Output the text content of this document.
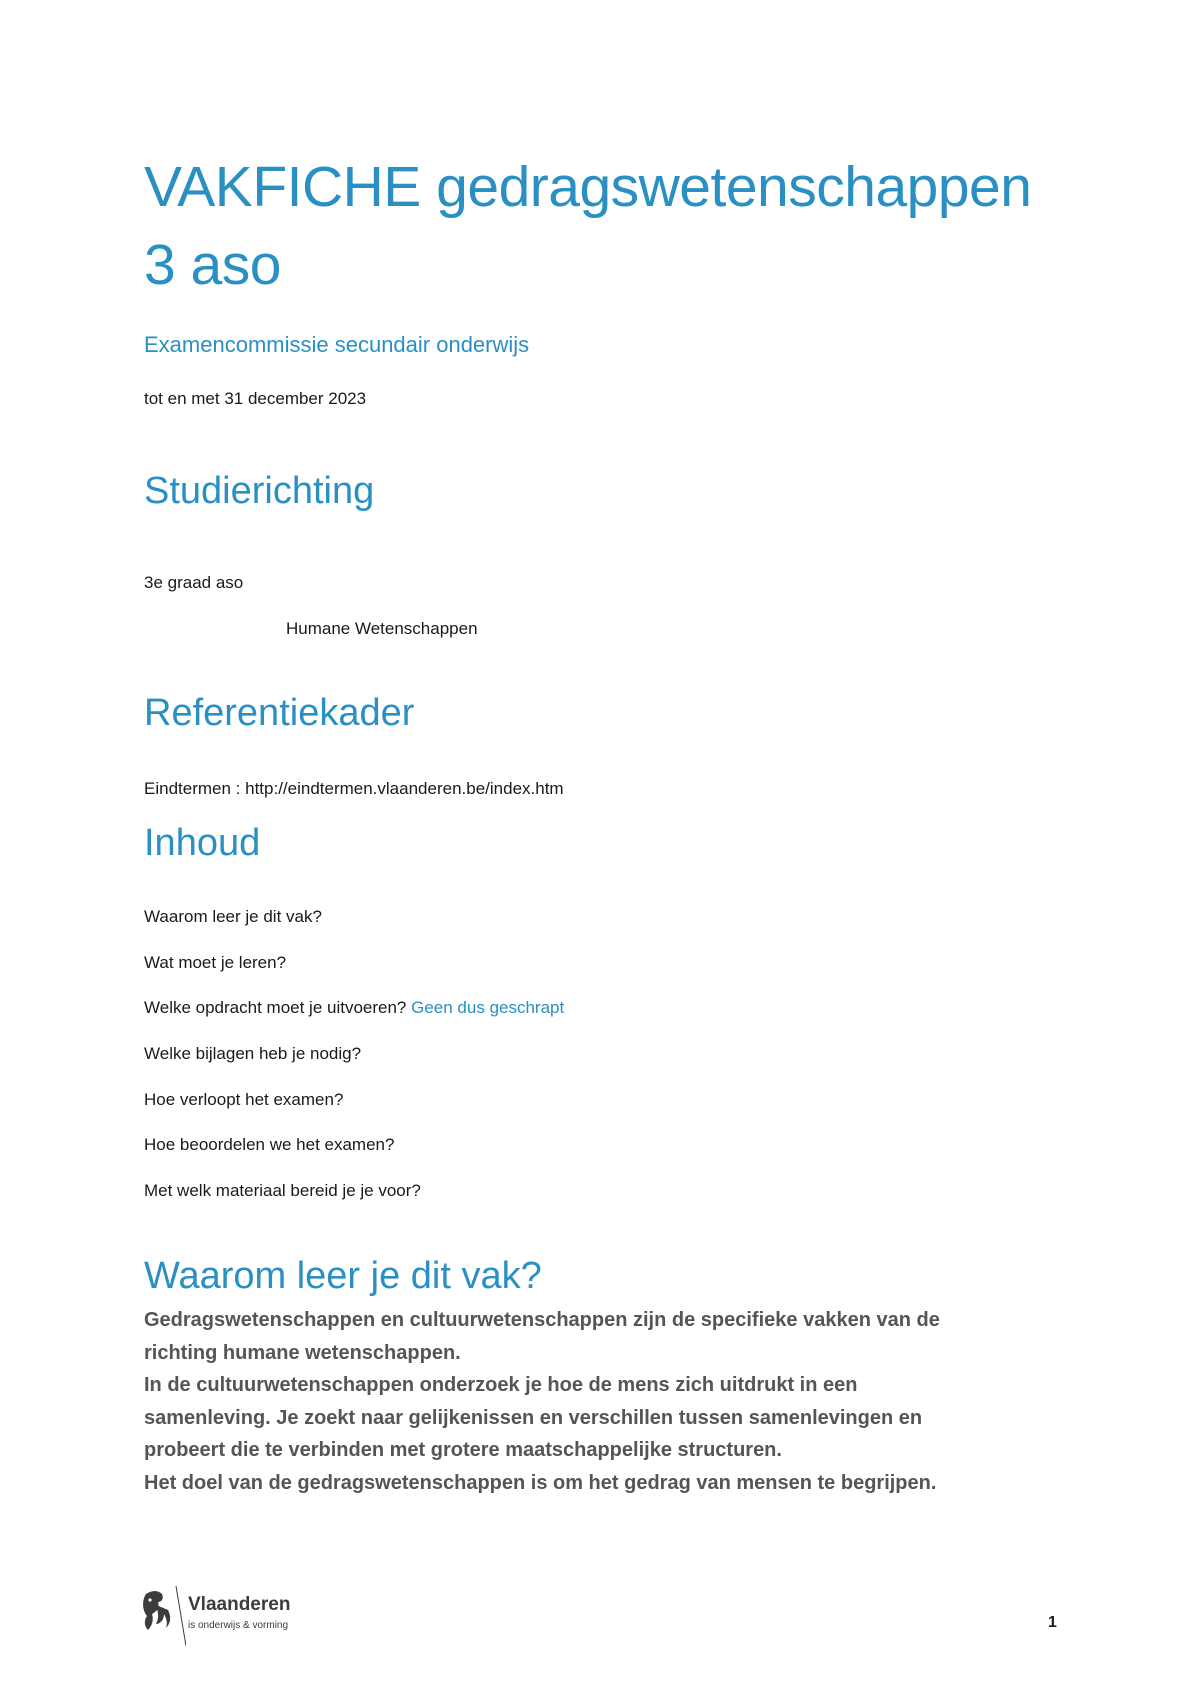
VAKFICHE gedragswetenschappen 3 aso

Examencommissie secundair onderwijs

tot en met 31 december 2023

Studierichting

3e graad aso

Humane Wetenschappen

Referentiekader

Eindtermen : http://eindtermen.vlaanderen.be/index.htm

Inhoud

Waarom leer je dit vak?

Wat moet je leren?

Welke opdracht moet je uitvoeren? Geen dus geschrapt

Welke bijlagen heb je nodig?

Hoe verloopt het examen?

Hoe beoordelen we het examen?

Met welk materiaal bereid je je voor?

Waarom leer je dit vak?
Gedragswetenschappen en cultuurwetenschappen zijn de specifieke vakken van de
richting humane wetenschappen.
In de cultuurwetenschappen onderzoek je hoe de mens zich uitdrukt in een
samenleving. Je zoekt naar gelijkenissen en verschillen tussen samenlevingen en
probeert die te verbinden met grotere maatschappelijke structuren.
Het doel van de gedragswetenschappen is om het gedrag van mensen te begrijpen.

Vlaanderen

is onderwijs & vorming	1
